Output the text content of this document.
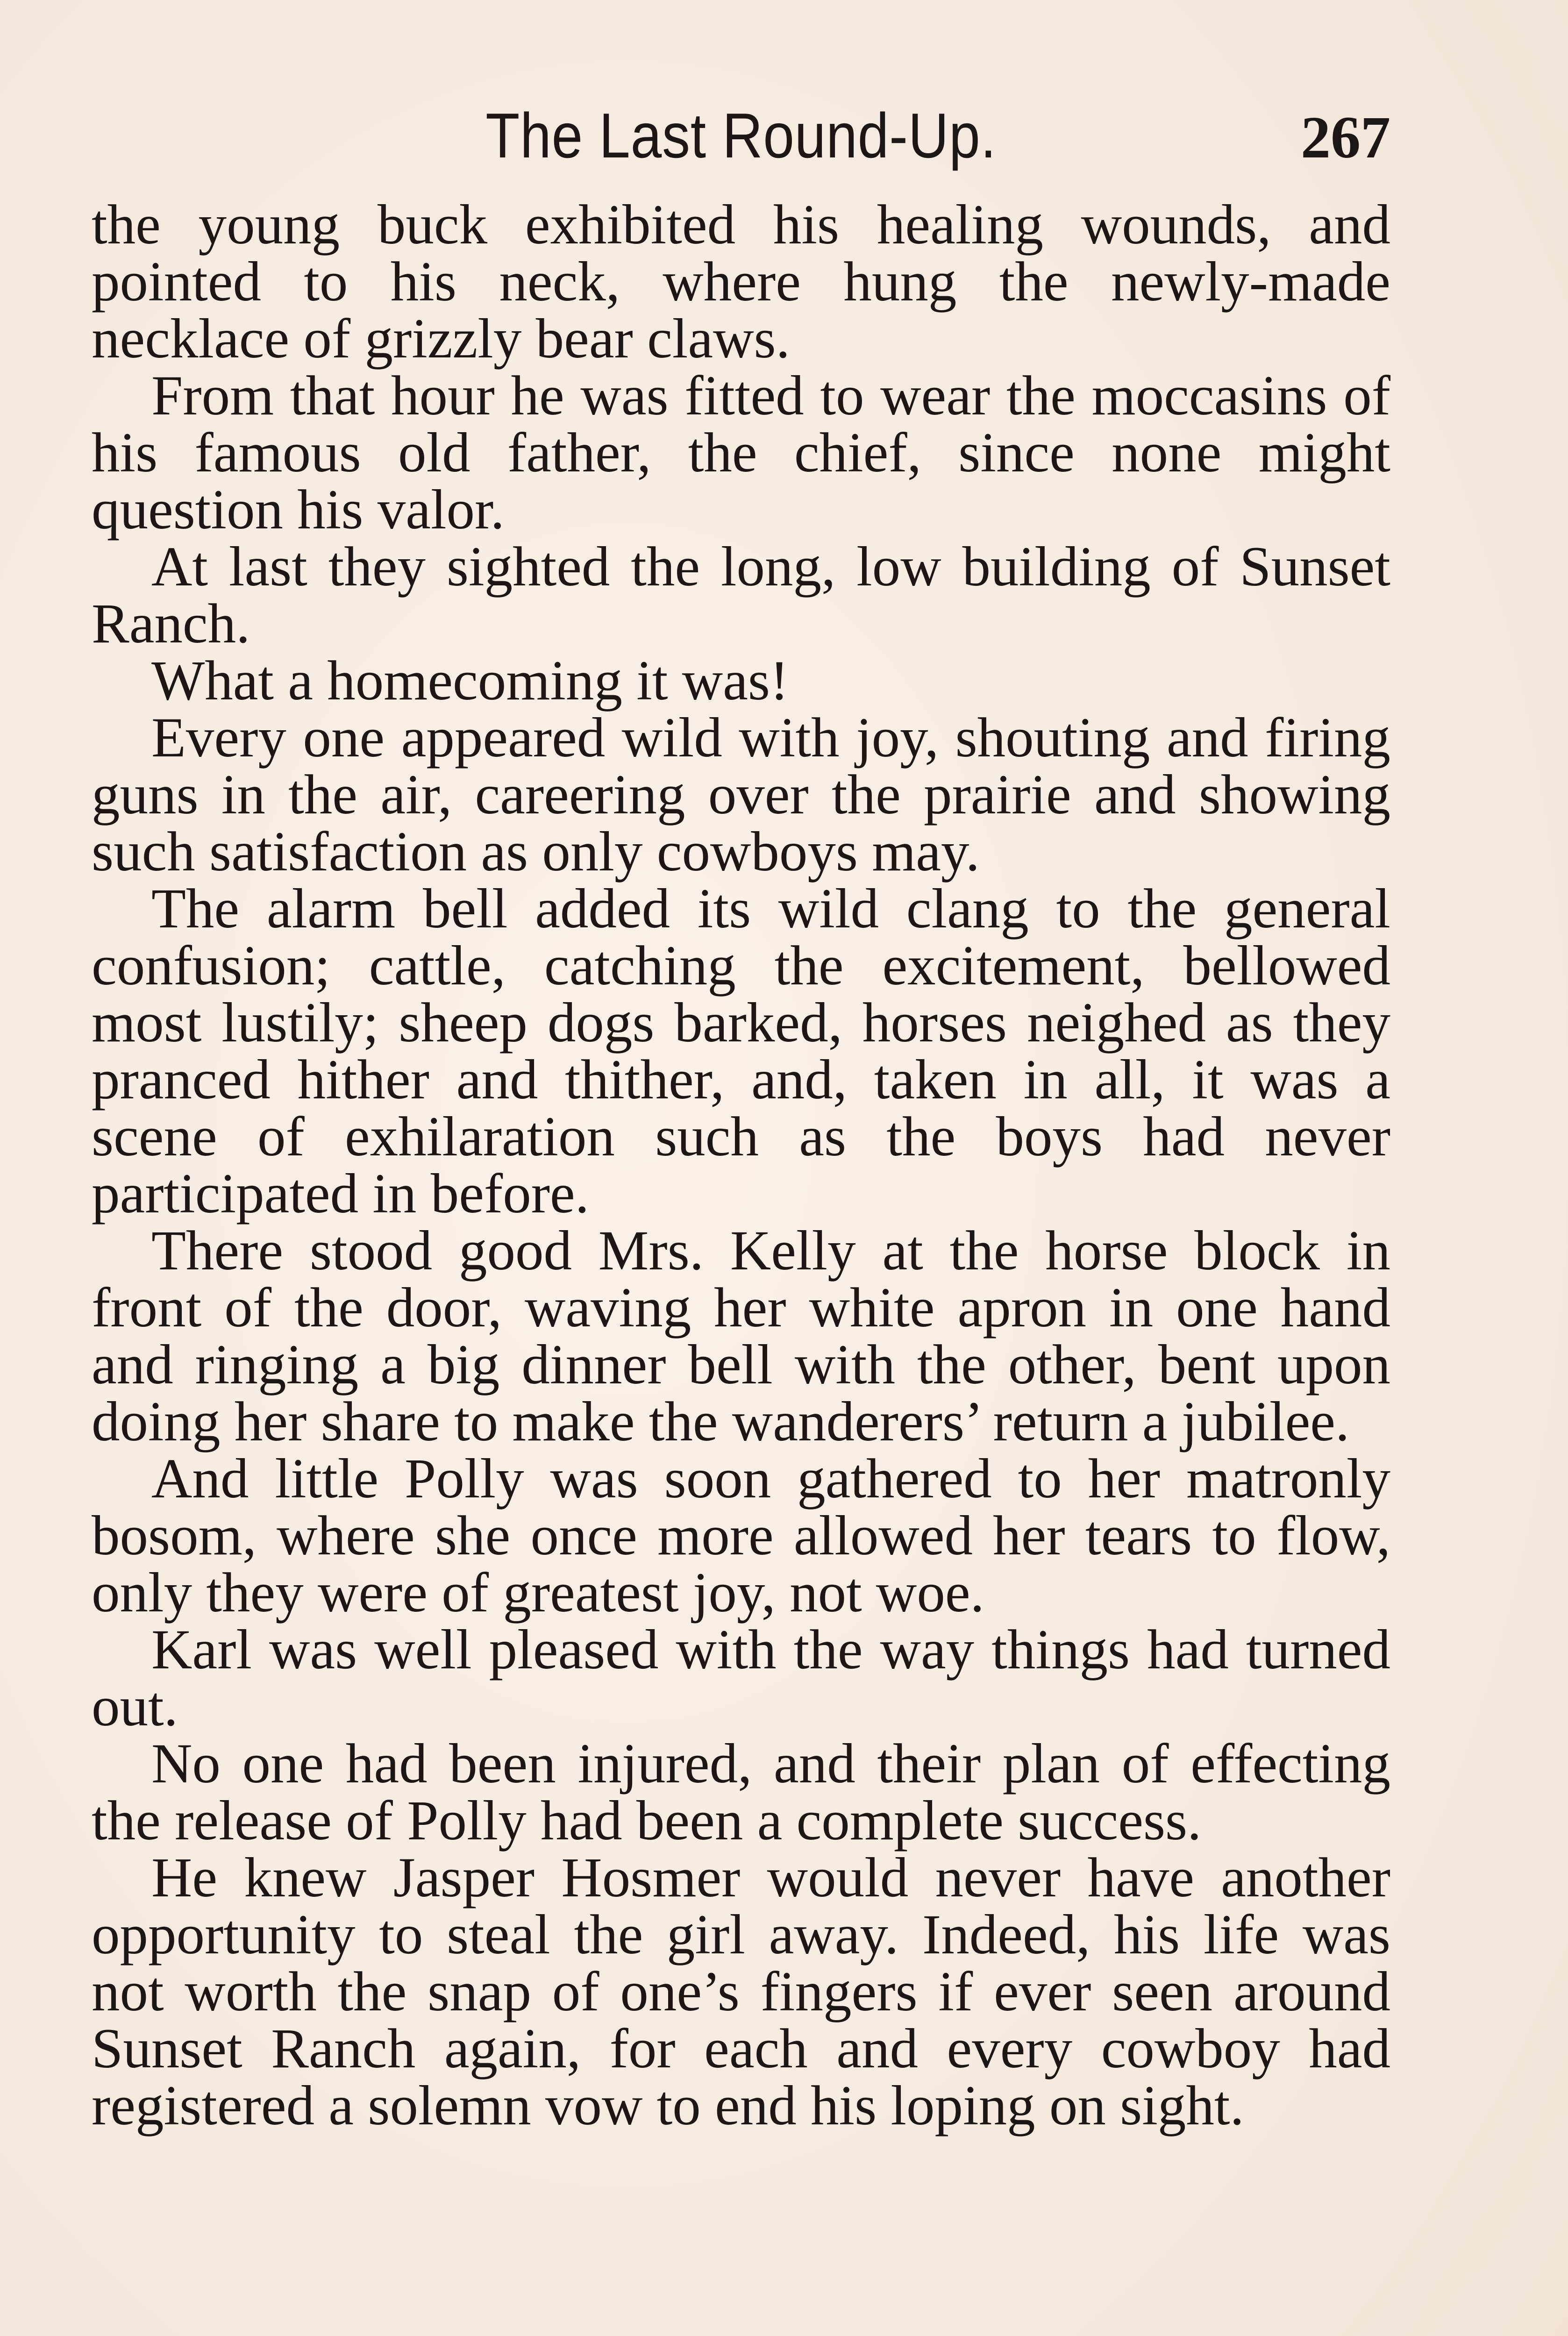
The Last Round-Up.	267

the young buck exhibited his healing wounds, and pointed to his neck, where hung the newly-made necklace of grizzly bear claws.

From that hour he was fitted to wear the moccasins of his famous old father, the chief, since none might question his valor.

At last they sighted the long, low building of Sunset Ranch.

What a homecoming it was!

Every one appeared wild with joy, shouting and firing guns in the air, careering over the prairie and showing such satisfaction as only cowboys may.

The alarm bell added its wild clang to the general confusion; cattle, catching the excitement, bellowed most lustily; sheep dogs barked, horses neighed as they pranced hither and thither, and, taken in all, it was a scene of exhilaration such as the boys had never participated in before.

There stood good Mrs. Kelly at the horse block in front of the door, waving her white apron in one hand and ringing a big dinner bell with the other, bent upon doing her share to make the wanderers’ return a jubilee.

And little Polly was soon gathered to her matronly bosom, where she once more allowed her tears to flow, only they were of greatest joy, not woe.

Karl was well pleased with the way things had turned out.

No one had been injured, and their plan of effecting the release of Polly had been a complete success.

He knew Jasper Hosmer would never have another opportunity to steal the girl away. Indeed, his life was not worth the snap of one’s fingers if ever seen around Sunset Ranch again, for each and every cowboy had registered a solemn vow to end his loping on sight.
